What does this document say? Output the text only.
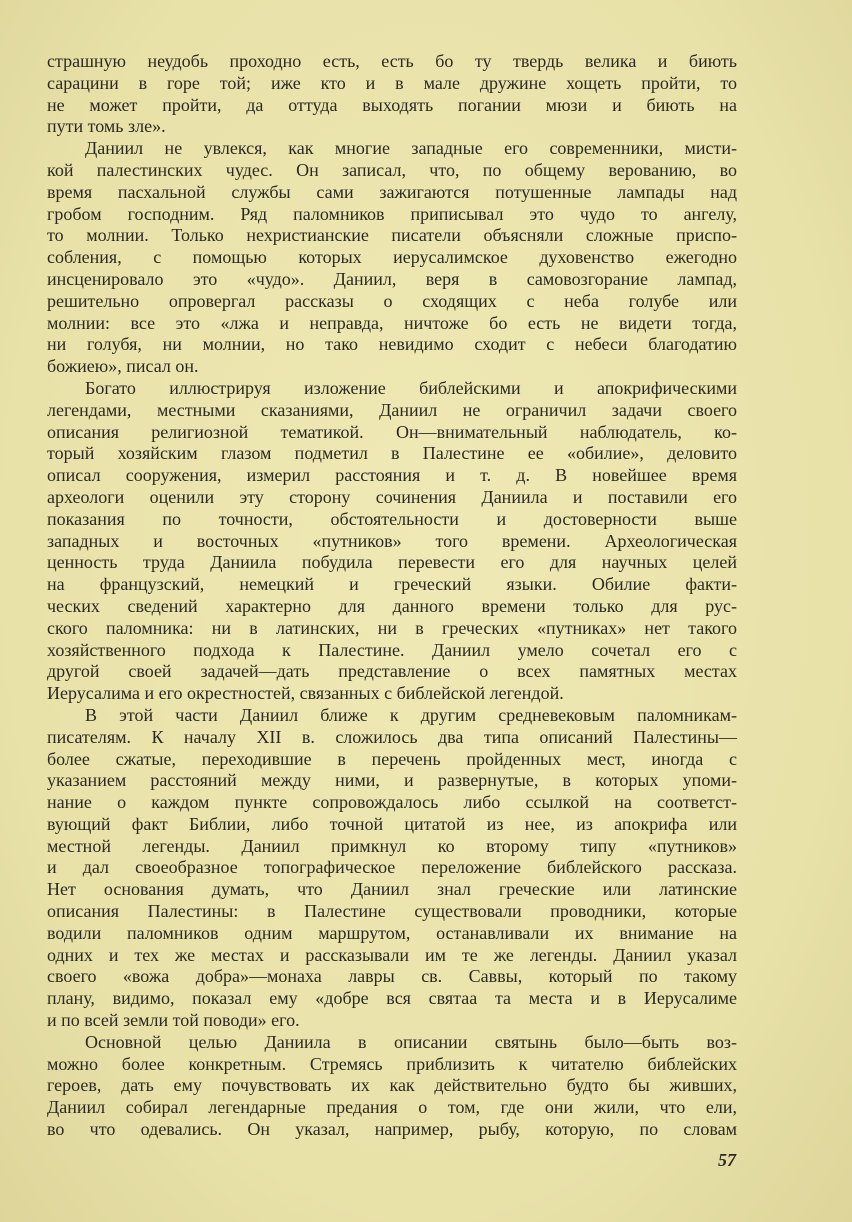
страшную неудобь проходно есть, есть бо ту твердь велика и биють
сарацини в горе той; иже кто и в мале дружине хощеть пройти, то
не может пройти, да оттуда выходять погании мюзи и биють на
пути томь зле».
Даниил не увлекся, как многие западные его современники, мисти-
кой палестинских чудес. Он записал, что, по общему верованию, во
время пасхальной службы сами зажигаются потушенные лампады над
гробом господним. Ряд паломников приписывал это чудо то ангелу,
то молнии. Только нехристианские писатели объясняли сложные приспо-
собления, с помощью которых иерусалимское духовенство ежегодно
инсценировало это «чудо». Даниил, веря в самовозгорание лампад,
решительно опровергал рассказы о сходящих с неба голубе или
молнии: все это «лжа и неправда, ничтоже бо есть не видети тогда,
ни голубя, ни молнии, но тако невидимо сходит с небеси благодатию
божиею», писал он.
Богато иллюстрируя изложение библейскими и апокрифическими
легендами, местными сказаниями, Даниил не ограничил задачи своего
описания религиозной тематикой. Он—внимательный наблюдатель, ко-
торый хозяйским глазом подметил в Палестине ее «обилие», деловито
описал сооружения, измерил расстояния и т. д. В новейшее время
археологи оценили эту сторону сочинения Даниила и поставили его
показания по точности, обстоятельности и достоверности выше
западных и восточных «путников» того времени. Археологическая
ценность труда Даниила побудила перевести его для научных целей
на французский, немецкий и греческий языки. Обилие факти-
ческих сведений характерно для данного времени только для рус-
ского паломника: ни в латинских, ни в греческих «путниках» нет такого
хозяйственного подхода к Палестине. Даниил умело сочетал его с
другой своей задачей—дать представление о всех памятных местах
Иерусалима и его окрестностей, связанных с библейской легендой.
В этой части Даниил ближе к другим средневековым паломникам-
писателям. К началу XII в. сложилось два типа описаний Палестины—
более сжатые, переходившие в перечень пройденных мест, иногда с
указанием расстояний между ними, и развернутые, в которых упоми-
нание о каждом пункте сопровождалось либо ссылкой на соответст-
вующий факт Библии, либо точной цитатой из нее, из апокрифа или
местной легенды. Даниил примкнул ко второму типу «путников»
и дал своеобразное топографическое переложение библейского рассказа.
Нет основания думать, что Даниил знал греческие или латинские
описания Палестины: в Палестине существовали проводники, которые
водили паломников одним маршрутом, останавливали их внимание на
одних и тех же местах и рассказывали им те же легенды. Даниил указал
своего «вожа добра»—монаха лавры св. Саввы, который по такому
плану, видимо, показал ему «добре вся святаа та места и в Иерусалиме
и по всей земли той поводи» его.
Основной целью Даниила в описании святынь было—быть воз-
можно более конкретным. Стремясь приблизить к читателю библейских
героев, дать ему почувствовать их как действительно будто бы живших,
Даниил собирал легендарные предания о том, где они жили, что ели,
во что одевались. Он указал, например, рыбу, которую, по словам
57
